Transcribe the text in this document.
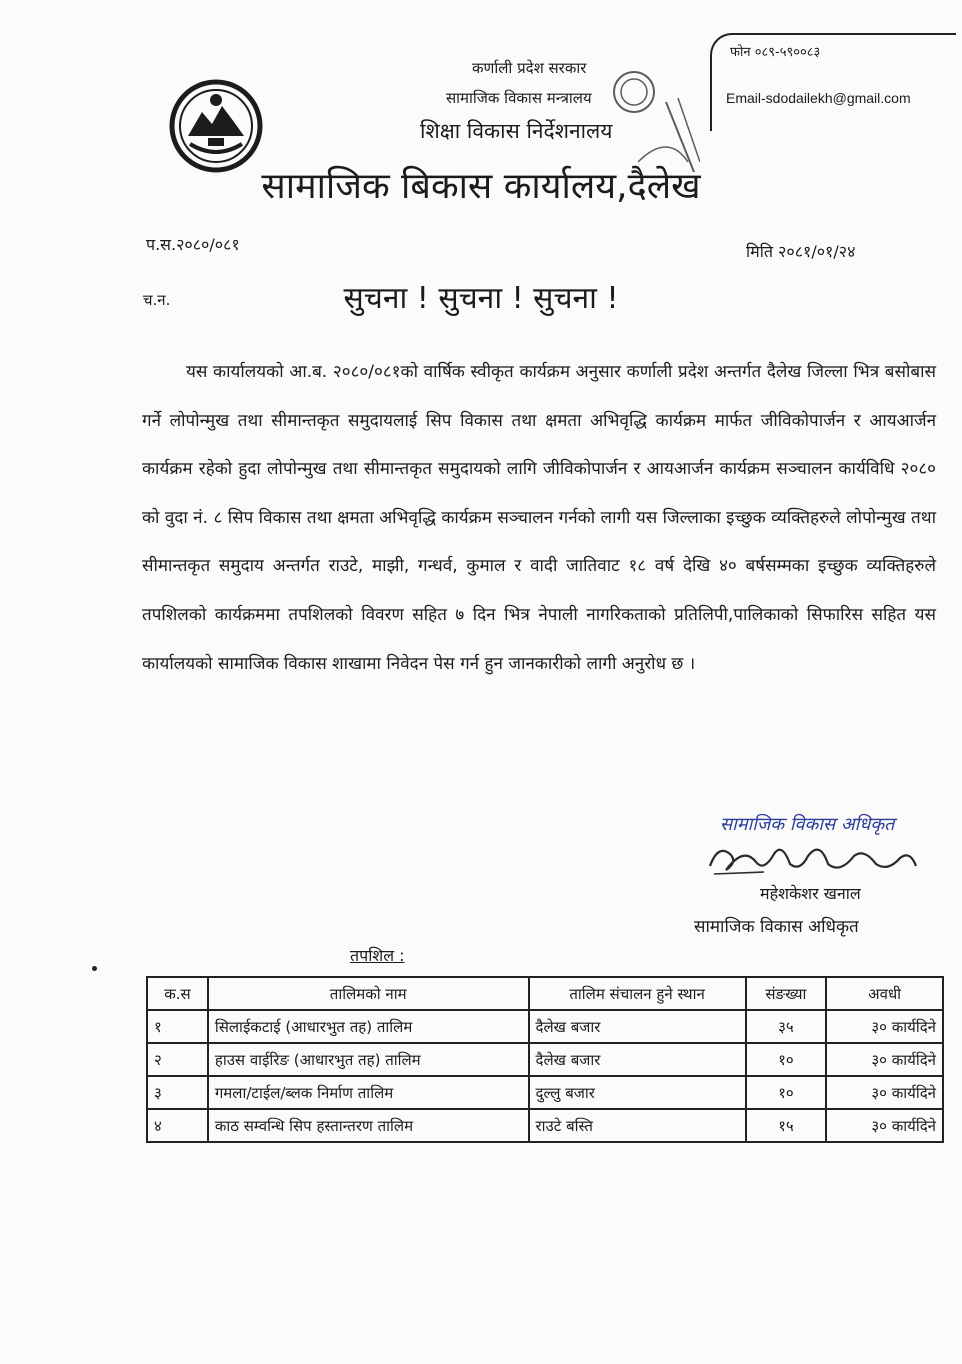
फोन ०८९-५९००८३
Email-sdodailekh@gmail.com
कर्णाली प्रदेश सरकार
सामाजिक विकास मन्त्रालय
शिक्षा विकास निर्देशनालय
सामाजिक बिकास कार्यालय,दैलेख
प.स.२०८०/०८१	मिति २०८१/०१/२४
च.न.	सुचना ! सुचना ! सुचना !

यस कार्यालयको आ.ब. २०८०/०८१को वार्षिक स्वीकृत कार्यक्रम अनुसार कर्णाली प्रदेश अन्तर्गत दैलेख जिल्ला भित्र बसोबास गर्ने लोपोन्मुख तथा सीमान्तकृत समुदायलाई सिप विकास तथा क्षमता अभिवृद्धि कार्यक्रम मार्फत जीविकोपार्जन र आयआर्जन कार्यक्रम रहेको हुदा लोपोन्मुख तथा सीमान्तकृत समुदायको लागि जीविकोपार्जन र आयआर्जन कार्यक्रम सञ्चालन कार्यविधि २०८० को वुदा नं. ८ सिप विकास तथा क्षमता अभिवृद्धि कार्यक्रम सञ्चालन गर्नको लागी यस जिल्लाका इच्छुक व्यक्तिहरुले लोपोन्मुख तथा सीमान्तकृत समुदाय अन्तर्गत राउटे, माझी, गन्धर्व, कुमाल र वादी जातिवाट १८ वर्ष देखि ४० बर्षसम्मका इच्छुक व्यक्तिहरुले तपशिलको कार्यक्रममा तपशिलको विवरण सहित ७ दिन भित्र नेपाली नागरिकताको प्रतिलिपी,पालिकाको सिफारिस सहित यस कार्यालयको सामाजिक विकास शाखामा निवेदन पेस गर्न हुन जानकारीको लागी अनुरोध छ ।

सामाजिक विकास अधिकृत
महेशकेशर खनाल
सामाजिक विकास अधिकृत
तपशिल :
क.स	तालिमको नाम	तालिम संचालन हुने स्थान	संङख्या	अवधी
१	सिलाईकटाई (आधारभुत तह) तालिम	दैलेख बजार	३५	३० कार्यदिने
२	हाउस वाईरिङ (आधारभुत तह) तालिम	दैलेख बजार	१०	३० कार्यदिने
३	गमला/टाईल/ब्लक निर्माण तालिम	दुल्लु बजार	१०	३० कार्यदिने
४	काठ सम्वन्धि सिप हस्तान्तरण तालिम	राउटे बस्ति	१५	३० कार्यदिने
